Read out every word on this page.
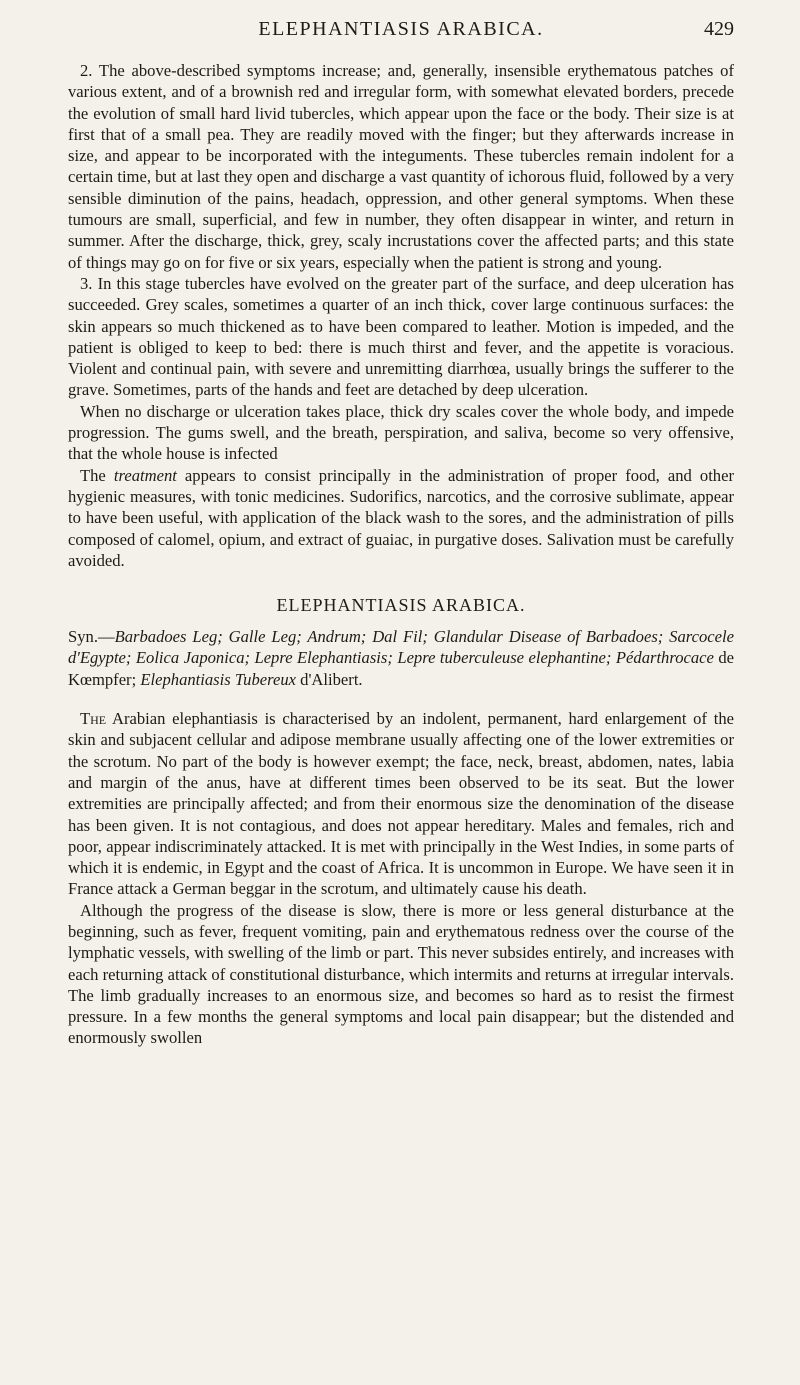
ELEPHANTIASIS ARABICA.	429

2. The above-described symptoms increase; and, generally, insensible erythematous patches of various extent, and of a brownish red and irregular form, with somewhat elevated borders, precede the evolution of small hard livid tubercles, which appear upon the face or the body. Their size is at first that of a small pea. They are readily moved with the finger; but they afterwards increase in size, and appear to be incorporated with the integuments. These tubercles remain indolent for a certain time, but at last they open and discharge a vast quantity of ichorous fluid, followed by a very sensible diminution of the pains, headach, oppression, and other general symptoms. When these tumours are small, superficial, and few in number, they often disappear in winter, and return in summer. After the discharge, thick, grey, scaly incrustations cover the affected parts; and this state of things may go on for five or six years, especially when the patient is strong and young.

3. In this stage tubercles have evolved on the greater part of the surface, and deep ulceration has succeeded. Grey scales, sometimes a quarter of an inch thick, cover large continuous surfaces: the skin appears so much thickened as to have been compared to leather. Motion is impeded, and the patient is obliged to keep to bed: there is much thirst and fever, and the appetite is voracious. Violent and continual pain, with severe and unremitting diarrhœa, usually brings the sufferer to the grave. Sometimes, parts of the hands and feet are detached by deep ulceration.

When no discharge or ulceration takes place, thick dry scales cover the whole body, and impede progression. The gums swell, and the breath, perspiration, and saliva, become so very offensive, that the whole house is infected

The treatment appears to consist principally in the administration of proper food, and other hygienic measures, with tonic medicines. Sudorifics, narcotics, and the corrosive sublimate, appear to have been useful, with application of the black wash to the sores, and the administration of pills composed of calomel, opium, and extract of guaiac, in purgative doses. Salivation must be carefully avoided.

ELEPHANTIASIS ARABICA.
Syn.—Barbadoes Leg; Galle Leg; Andrum; Dal Fil; Glandular Disease of Barbadoes; Sarcocele d'Egypte; Eolica Japonica; Lepre Elephantiasis; Lepre tuberculeuse elephantine; Pédarthrocace de Kœmpfer; Elephantiasis Tubereux d'Alibert.

The Arabian elephantiasis is characterised by an indolent, permanent, hard enlargement of the skin and subjacent cellular and adipose membrane usually affecting one of the lower extremities or the scrotum. No part of the body is however exempt; the face, neck, breast, abdomen, nates, labia and margin of the anus, have at different times been observed to be its seat. But the lower extremities are principally affected; and from their enormous size the denomination of the disease has been given. It is not contagious, and does not appear hereditary. Males and females, rich and poor, appear indiscriminately attacked. It is met with principally in the West Indies, in some parts of which it is endemic, in Egypt and the coast of Africa. It is uncommon in Europe. We have seen it in France attack a German beggar in the scrotum, and ultimately cause his death.

Although the progress of the disease is slow, there is more or less general disturbance at the beginning, such as fever, frequent vomiting, pain and erythematous redness over the course of the lymphatic vessels, with swelling of the limb or part. This never subsides entirely, and increases with each returning attack of constitutional disturbance, which intermits and returns at irregular intervals. The limb gradually increases to an enormous size, and becomes so hard as to resist the firmest pressure. In a few months the general symptoms and local pain disappear; but the distended and enormously swollen
